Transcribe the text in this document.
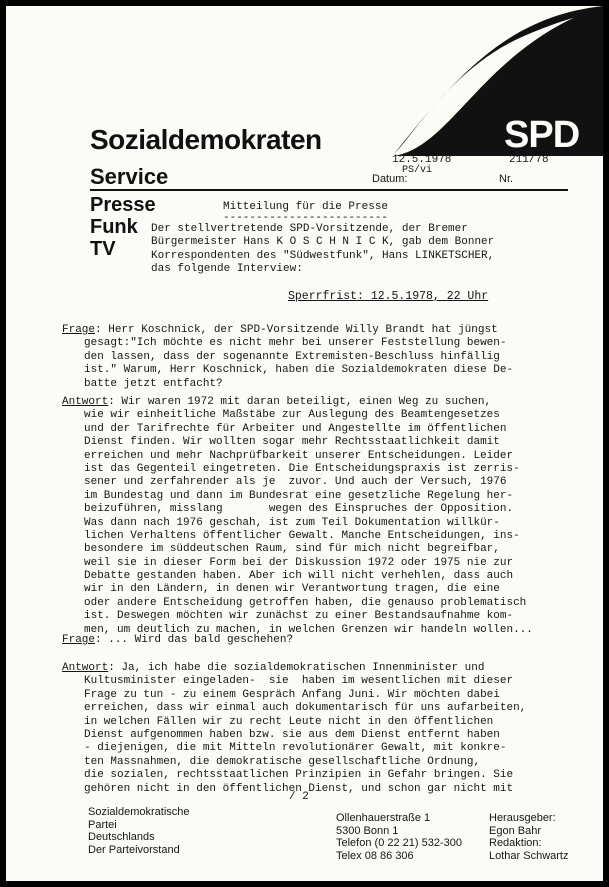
Sozialdemokraten	SPD
Service
12.5.1978	211/78
PS/vi
Datum:	Nr.
Presse
Funk
TV
Mitteilung für die Presse
-------------------------
Der stellvertretende SPD-Vorsitzende, der Bremer
Bürgermeister Hans K O S C H N I C K, gab dem Bonner
Korrespondenten des "Südwestfunk", Hans LINKETSCHER,
das folgende Interview:
Sperrfrist: 12.5.1978, 22 Uhr
Frage: Herr Koschnick, der SPD-Vorsitzende Willy Brandt hat jüngst
gesagt:"Ich möchte es nicht mehr bei unserer Feststellung bewen-
den lassen, dass der sogenannte Extremisten-Beschluss hinfällig
ist." Warum, Herr Koschnick, haben die Sozialdemokraten diese De-
batte jetzt entfacht?
Antwort: Wir waren 1972 mit daran beteiligt, einen Weg zu suchen,
wie wir einheitliche Maßstäbe zur Auslegung des Beamtengesetzes
und der Tarifrechte für Arbeiter und Angestellte im öffentlichen
Dienst finden. Wir wollten sogar mehr Rechtsstaatlichkeit damit
erreichen und mehr Nachprüfbarkeit unserer Entscheidungen. Leider
ist das Gegenteil eingetreten. Die Entscheidungspraxis ist zerris-
sener und zerfahrender als je  zuvor. Und auch der Versuch, 1976
im Bundestag und dann im Bundesrat eine gesetzliche Regelung her-
beizuführen, misslang       wegen des Einspruches der Opposition.
Was dann nach 1976 geschah, ist zum Teil Dokumentation willkür-
lichen Verhaltens öffentlicher Gewalt. Manche Entscheidungen, ins-
besondere im süddeutschen Raum, sind für mich nicht begreifbar,
weil sie in dieser Form bei der Diskussion 1972 oder 1975 nie zur
Debatte gestanden haben. Aber ich will nicht verhehlen, dass auch
wir in den Ländern, in denen wir Verantwortung tragen, die eine
oder andere Entscheidung getroffen haben, die genauso problematisch
ist. Deswegen möchten wir zunächst zu einer Bestandsaufnahme kom-
men, um deutlich zu machen, in welchen Grenzen wir handeln wollen...
Frage: ... Wird das bald geschehen?
Antwort: Ja, ich habe die sozialdemokratischen Innenminister und
Kultusminister eingeladen-  sie  haben im wesentlichen mit dieser
Frage zu tun - zu einem Gespräch Anfang Juni. Wir möchten dabei
erreichen, dass wir einmal auch dokumentarisch für uns aufarbeiten,
in welchen Fällen wir zu recht Leute nicht in den öffentlichen
Dienst aufgenommen haben bzw. sie aus dem Dienst entfernt haben
- diejenigen, die mit Mitteln revolutionärer Gewalt, mit konkre-
ten Massnahmen, die demokratische gesellschaftliche Ordnung,
die sozialen, rechtsstaatlichen Prinzipien in Gefahr bringen. Sie
gehören nicht in den öffentlichen Dienst, und schon gar nicht mit
/ 2
Sozialdemokratische
Partei
Deutschlands
Der Parteivorstand
Ollenhauerstraße 1
5300 Bonn 1
Telefon (0 22 21) 532-300
Telex 08 86 306
Herausgeber:
Egon Bahr
Redaktion:
Lothar Schwartz
